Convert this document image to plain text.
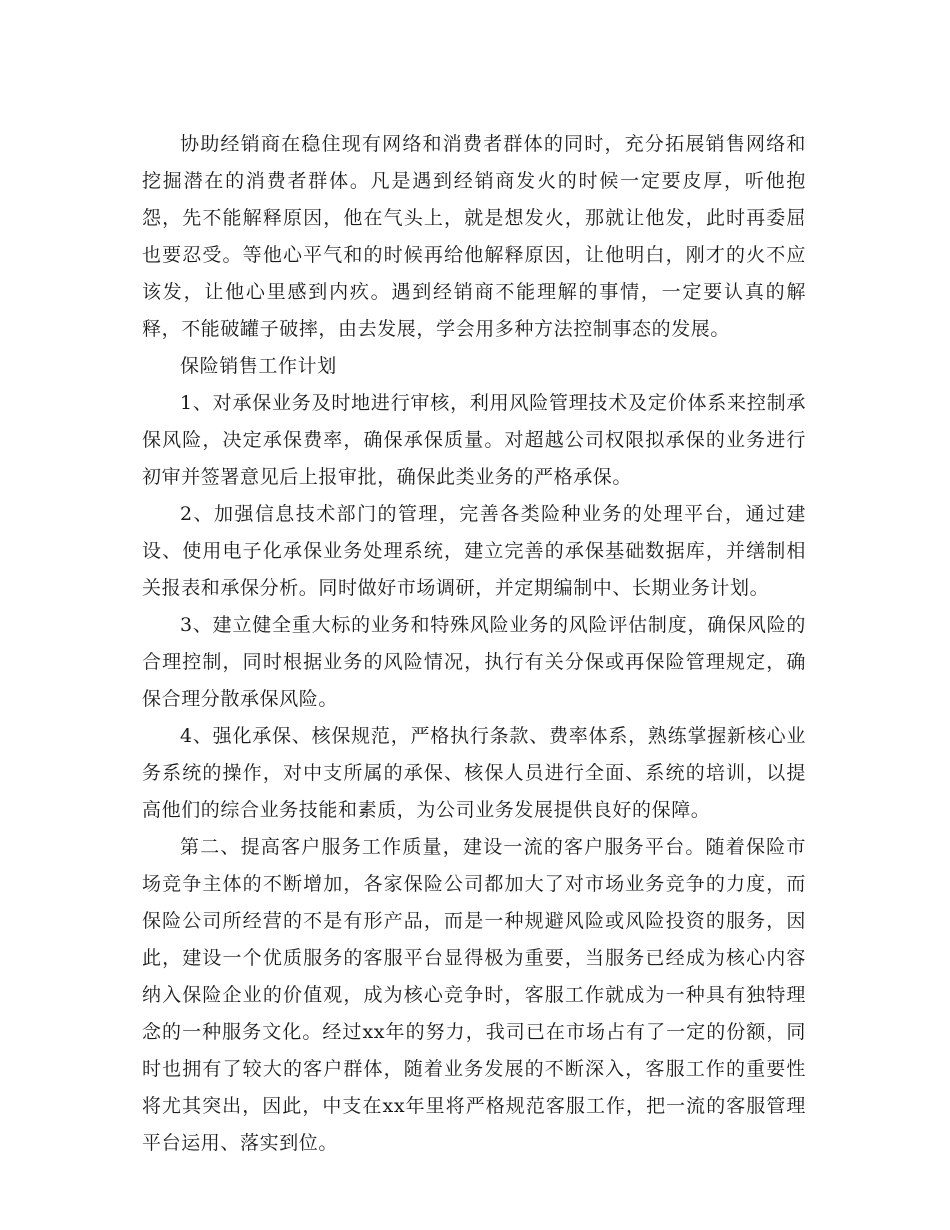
协助经销商在稳住现有网络和消费者群体的同时，充分拓展销售网络和挖掘潜在的消费者群体。凡是遇到经销商发火的时候一定要皮厚，听他抱怨，先不能解释原因，他在气头上，就是想发火，那就让他发，此时再委屈也要忍受。等他心平气和的时候再给他解释原因，让他明白，刚才的火不应该发，让他心里感到内疚。遇到经销商不能理解的事情，一定要认真的解释，不能破罐子破摔，由去发展，学会用多种方法控制事态的发展。

保险销售工作计划

1、对承保业务及时地进行审核，利用风险管理技术及定价体系来控制承保风险，决定承保费率，确保承保质量。对超越公司权限拟承保的业务进行初审并签署意见后上报审批，确保此类业务的严格承保。

2、加强信息技术部门的管理，完善各类险种业务的处理平台，通过建设、使用电子化承保业务处理系统，建立完善的承保基础数据库，并缮制相关报表和承保分析。同时做好市场调研，并定期编制中、长期业务计划。

3、建立健全重大标的业务和特殊风险业务的风险评估制度，确保风险的合理控制，同时根据业务的风险情况，执行有关分保或再保险管理规定，确保合理分散承保风险。

4、强化承保、核保规范，严格执行条款、费率体系，熟练掌握新核心业务系统的操作，对中支所属的承保、核保人员进行全面、系统的培训，以提高他们的综合业务技能和素质，为公司业务发展提供良好的保障。

第二、提高客户服务工作质量，建设一流的客户服务平台。随着保险市场竞争主体的不断增加，各家保险公司都加大了对市场业务竞争的力度，而保险公司所经营的不是有形产品，而是一种规避风险或风险投资的服务，因此，建设一个优质服务的客服平台显得极为重要，当服务已经成为核心内容纳入保险企业的价值观，成为核心竞争时，客服工作就成为一种具有独特理念的一种服务文化。经过xx年的努力，我司已在市场占有了一定的份额，同时也拥有了较大的客户群体，随着业务发展的不断深入，客服工作的重要性将尤其突出，因此，中支在xx年里将严格规范客服工作，把一流的客服管理平台运用、落实到位。
